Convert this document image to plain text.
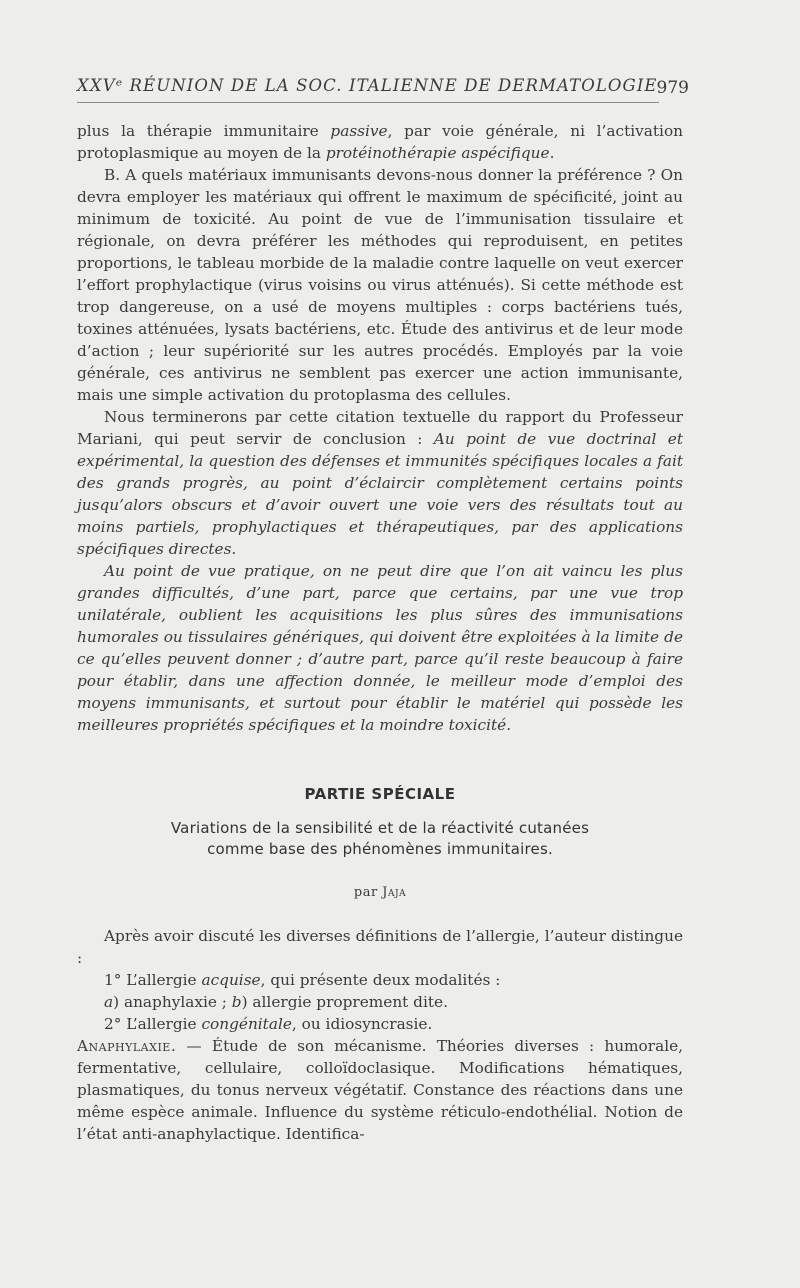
XXVᵉ RÉUNION DE LA SOC. ITALIENNE DE DERMATOLOGIE
979

plus la thérapie immunitaire passive, par voie générale, ni l’activation protoplasmique au moyen de la protéinothérapie aspécifique.

B. A quels matériaux immunisants devons-nous donner la préférence ? On devra employer les matériaux qui offrent le maximum de spécificité, joint au minimum de toxicité. Au point de vue de l’immunisation tissulaire et régionale, on devra préférer les méthodes qui reproduisent, en petites proportions, le tableau morbide de la maladie contre laquelle on veut exercer l’effort prophylactique (virus voisins ou virus atténués). Si cette méthode est trop dangereuse, on a usé de moyens multiples : corps bactériens tués, toxines atténuées, lysats bactériens, etc. Étude des antivirus et de leur mode d’action ; leur supériorité sur les autres procédés. Employés par la voie générale, ces antivirus ne semblent pas exercer une action immunisante, mais une simple activation du protoplasma des cellules.

Nous terminerons par cette citation textuelle du rapport du Professeur Mariani, qui peut servir de conclusion : Au point de vue doctrinal et expérimental, la question des défenses et immunités spécifiques locales a fait des grands progrès, au point d’éclaircir complètement certains points jusqu’alors obscurs et d’avoir ouvert une voie vers des résultats tout au moins partiels, prophylactiques et thérapeutiques, par des applications spécifiques directes.

Au point de vue pratique, on ne peut dire que l’on ait vaincu les plus grandes difficultés, d’une part, parce que certains, par une vue trop unilatérale, oublient les acquisitions les plus sûres des immunisations humorales ou tissulaires génériques, qui doivent être exploitées à la limite de ce qu’elles peuvent donner ; d’autre part, parce qu’il reste beaucoup à faire pour établir, dans une affection donnée, le meilleur mode d’emploi des moyens immunisants, et surtout pour établir le matériel qui possède les meilleures propriétés spécifiques et la moindre toxicité.

PARTIE SPÉCIALE
Variations de la sensibilité et de la réactivité cutanées
comme base des phénomènes immunitaires.
par Jaja

Après avoir discuté les diverses définitions de l’allergie, l’auteur distingue :

1° L’allergie acquise, qui présente deux modalités :

a) anaphylaxie ; b) allergie proprement dite.

2° L’allergie congénitale, ou idiosyncrasie.

Anaphylaxie. — Étude de son mécanisme. Théories diverses : humorale, fermentative, cellulaire, colloïdoclasique. Modifications hématiques, plasmatiques, du tonus nerveux végétatif. Constance des réactions dans une même espèce animale. Influence du système réticulo-endothélial. Notion de l’état anti-anaphylactique. Identifica-
